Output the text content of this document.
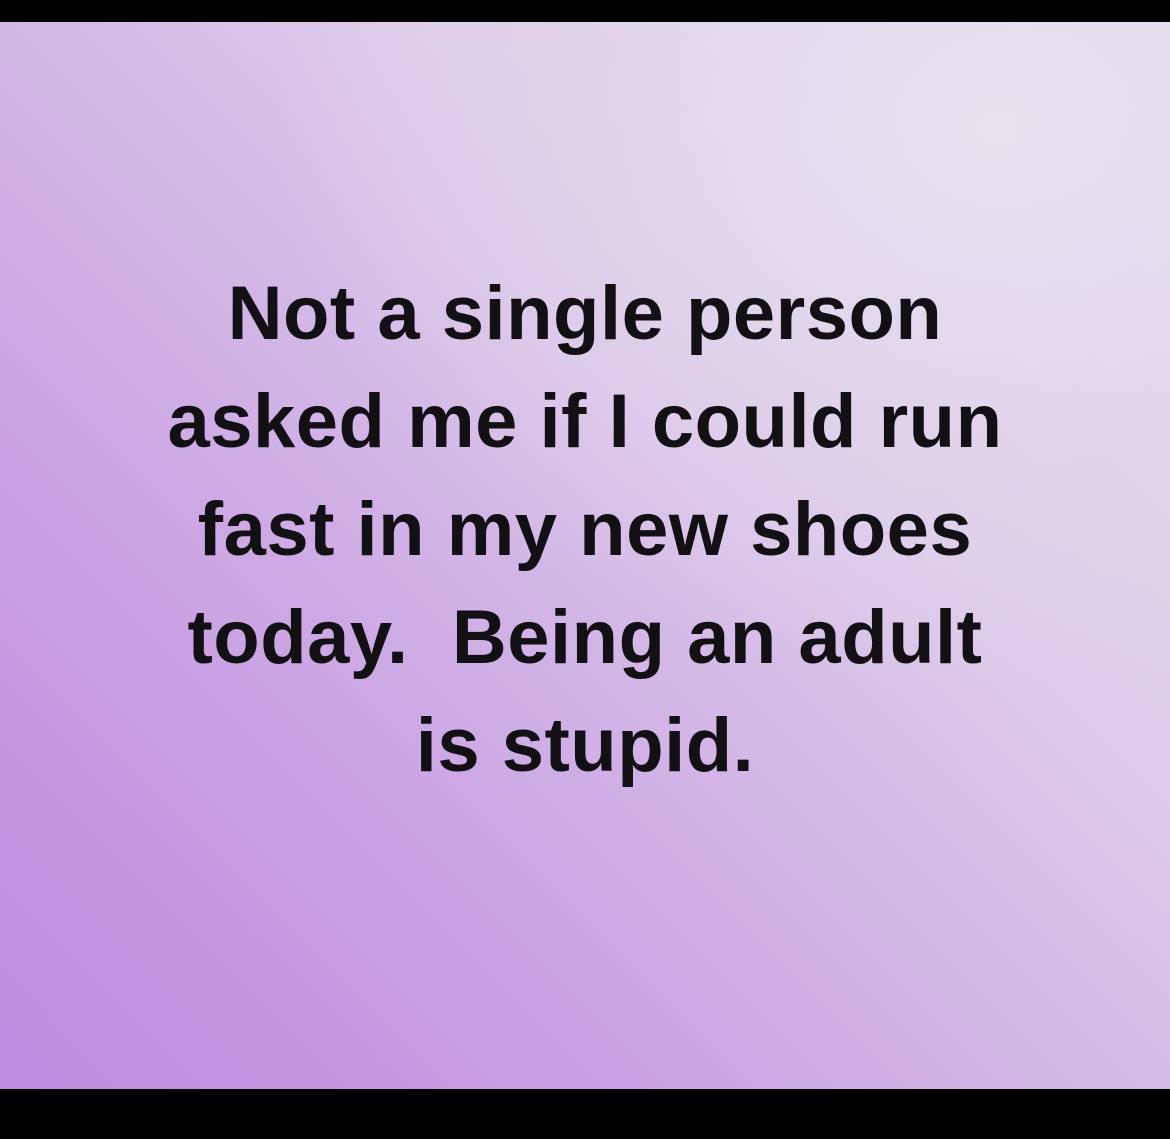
Not a single person
asked me if I could run
fast in my new shoes
today.  Being an adult
is stupid.
